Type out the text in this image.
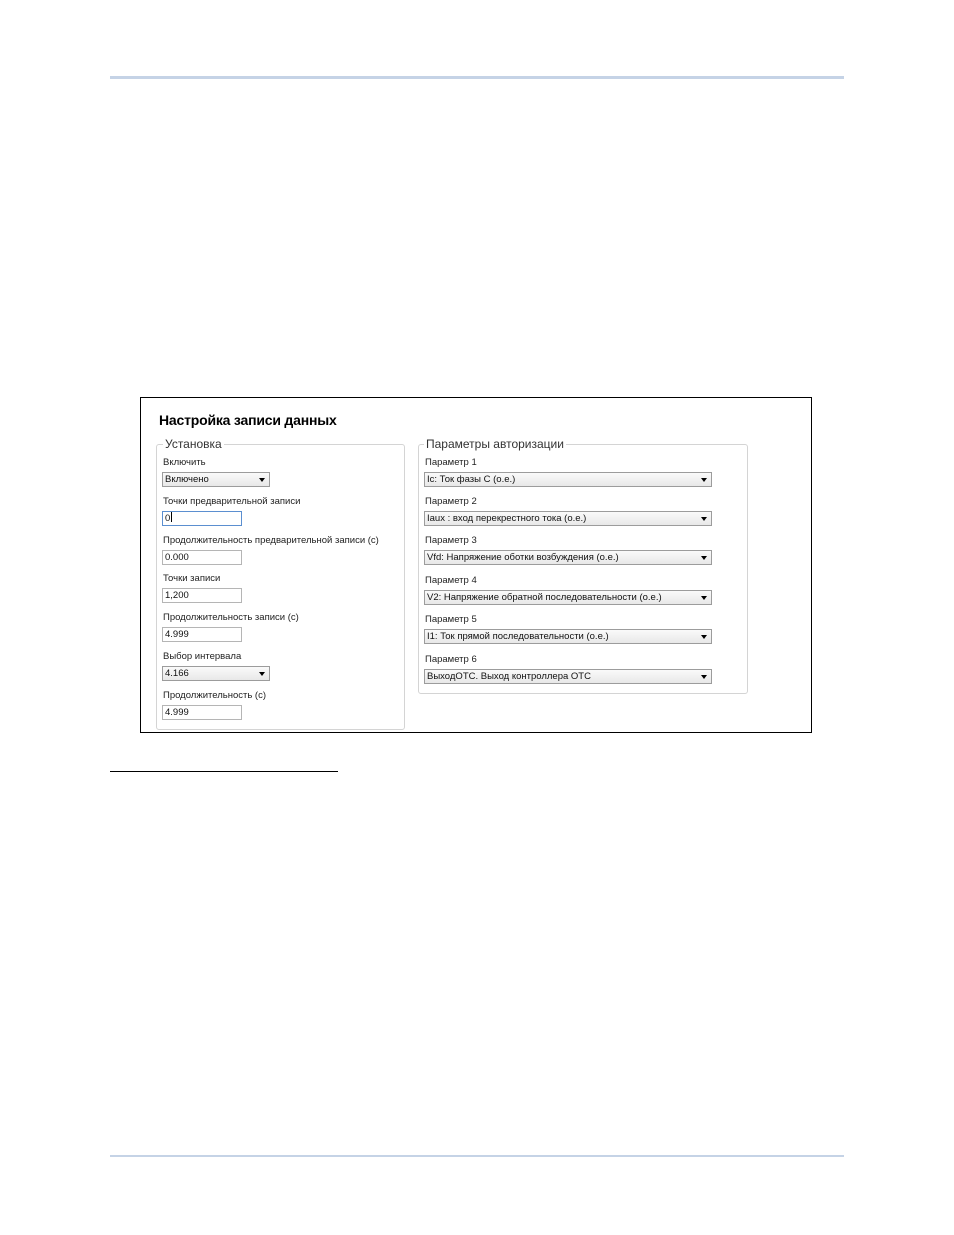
Настройка записи данных
Установка
Включить
Включено
Точки предварительной записи
0
Продолжительность предварительной записи (с)
0.000
Точки записи
1,200
Продолжительность записи (с)
4.999
Выбор интервала
4.166
Продолжительность (с)
4.999
Параметры авторизации
Параметр 1
Ic: Ток фазы C (o.e.)
Параметр 2
Iaux : вход перекрестного тока (o.e.)
Параметр 3
Vfd: Напряжение оботки возбуждения (o.e.)
Параметр 4
V2: Напряжение обратной последовательности (o.e.)
Параметр 5
I1: Ток прямой последовательности (o.e.)
Параметр 6
ВыходOTC. Выход контроллера OTC
